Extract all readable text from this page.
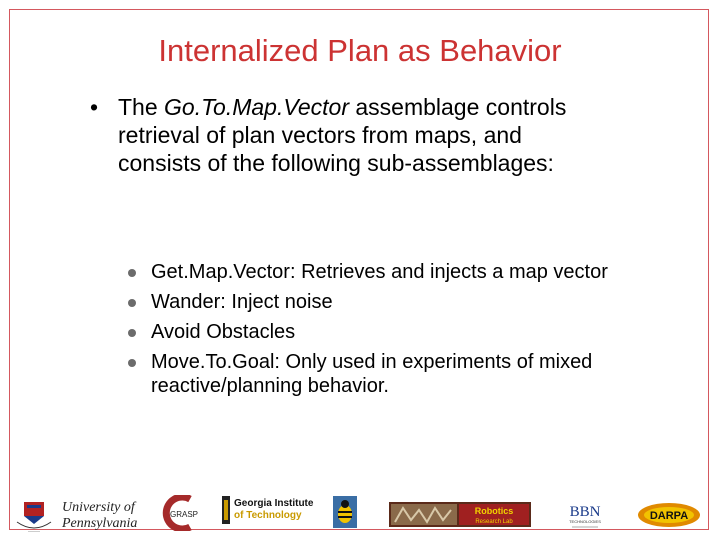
Internalized Plan as Behavior
• The Go.To.Map.Vector assemblage controls retrieval of plan vectors from maps, and consists of the following sub-assemblages:
Get.Map.Vector: Retrieves and injects a map vector
Wander: Inject noise
Avoid Obstacles
Move.To.Goal: Only used in experiments of mixed reactive/planning behavior.
———
University of
Pennsylvania
GRASP
Georgia Institute
of Technology	Robotics
Research Lab
BBN
TECHNOLOGIES	DARPA
